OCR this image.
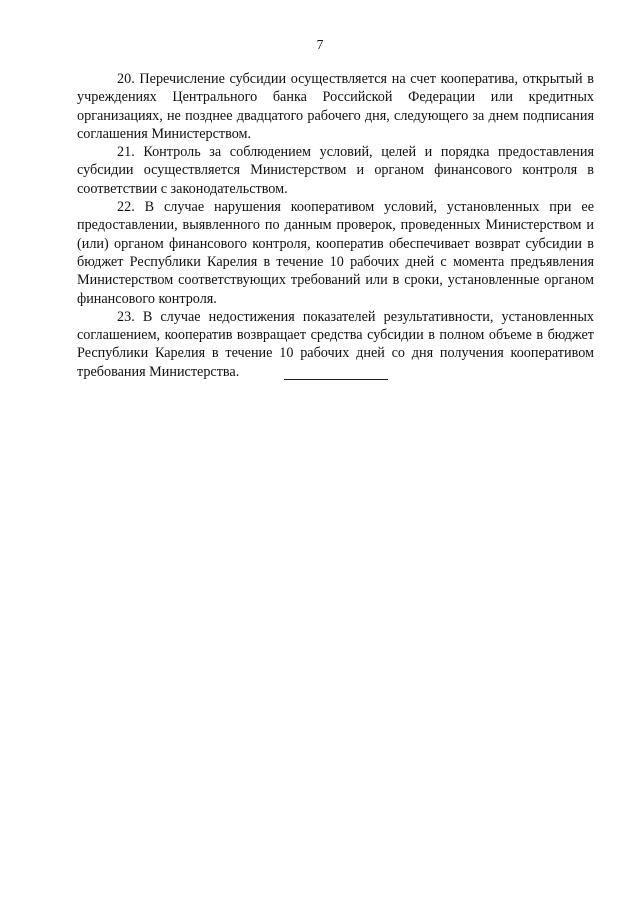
7

20. Перечисление субсидии осуществляется на счет кооператива, открытый в учреждениях Центрального банка Российской Федерации или кредитных организациях, не позднее двадцатого рабочего дня, следующего за днем подписания соглашения Министерством.

21. Контроль за соблюдением условий, целей и порядка предоставления субсидии осуществляется Министерством и органом финансового контроля в соответствии с законодательством.

22. В случае нарушения кооперативом условий, установленных при ее предоставлении, выявленного по данным проверок, проведенных Министерством и (или) органом финансового контроля, кооператив обеспечивает возврат субсидии в бюджет Республики Карелия в течение 10 рабочих дней с момента предъявления Министерством соответствующих требований или в сроки, установленные органом финансового контроля.

23. В случае недостижения показателей результативности, установленных соглашением, кооператив возвращает средства субсидии в полном объеме в бюджет Республики Карелия в течение 10 рабочих дней со дня получения кооперативом требования Министерства.
